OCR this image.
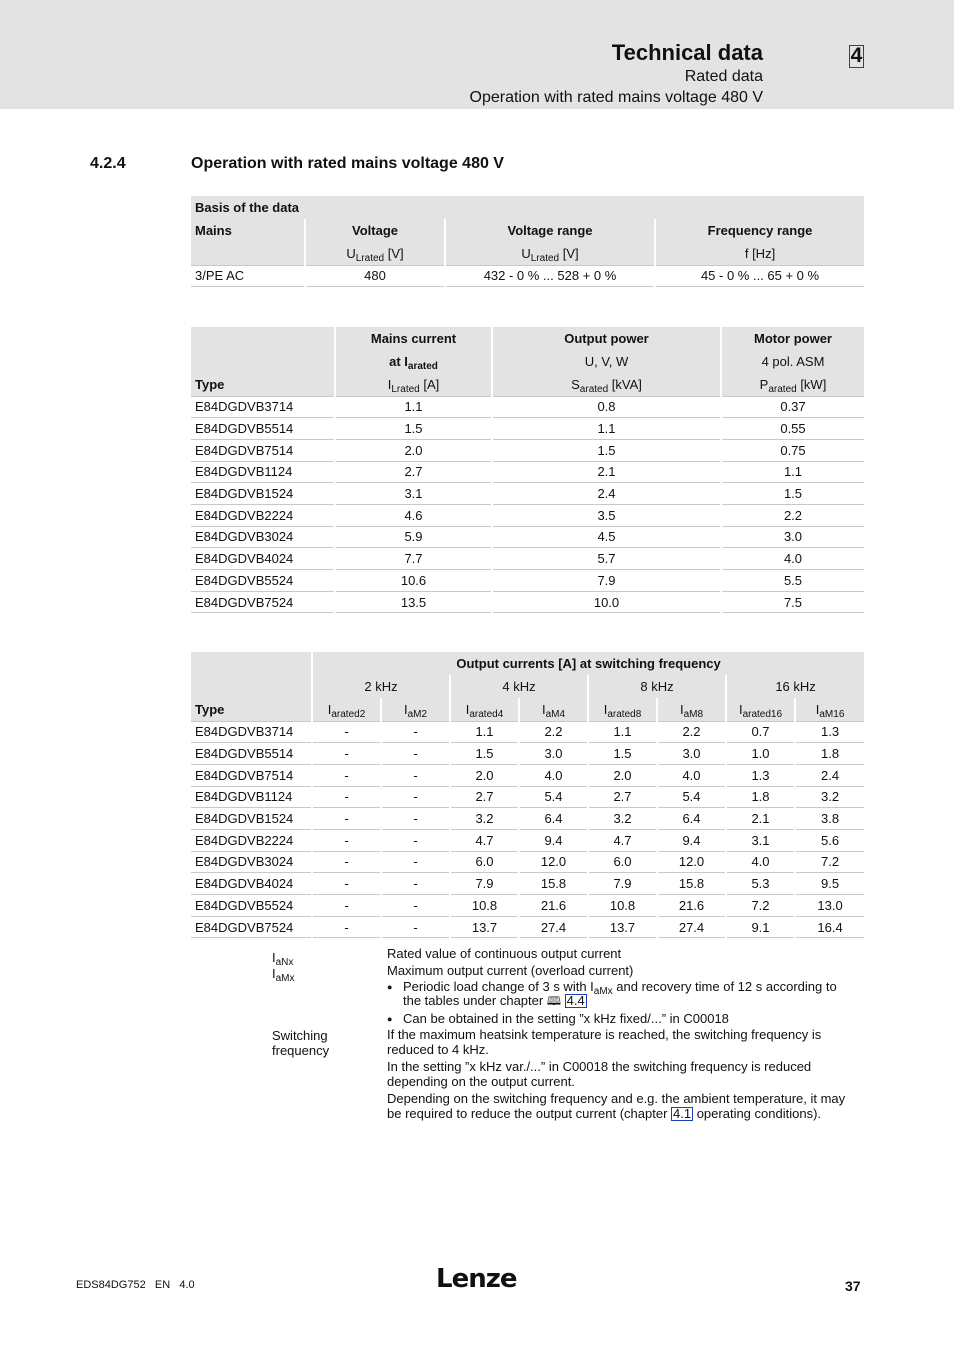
Technical data
Rated data
Operation with rated mains voltage 480 V
4
4.2.4	Operation with rated mains voltage 480 V
Basis of the data			
Mains	Voltage	Voltage range	Frequency range
	$U_{Lrated}$ [V]	$U_{Lrated}$ [V]	f [Hz]
3/PE AC	480	432 - 0 % ... 528 + 0 %	45 - 0 % ... 65 + 0 %
	Mains current	Output power	Motor power
	at $I_{arated}$	U, V, W	4 pol. ASM
Type	$I_{Lrated}$ [A]	$S_{arated}$ [kVA]	$P_{arated}$ [kW]
E84DGDVB3714	1.1	0.8	0.37
E84DGDVB5514	1.5	1.1	0.55
E84DGDVB7514	2.0	1.5	0.75
E84DGDVB1124	2.7	2.1	1.1
E84DGDVB1524	3.1	2.4	1.5
E84DGDVB2224	4.6	3.5	2.2
E84DGDVB3024	5.9	4.5	3.0
E84DGDVB4024	7.7	5.7	4.0
E84DGDVB5524	10.6	7.9	5.5
E84DGDVB7524	13.5	10.0	7.5
	Output currents [A] at switching frequency							
	2 kHz		4 kHz		8 kHz		16 kHz	
Type	$I_{arated2}$	$I_{aM2}$	$I_{arated4}$	$I_{aM4}$	$I_{arated8}$	$I_{aM8}$	$I_{arated16}$	$I_{aM16}$
E84DGDVB3714	-	-	1.1	2.2	1.1	2.2	0.7	1.3
E84DGDVB5514	-	-	1.5	3.0	1.5	3.0	1.0	1.8
E84DGDVB7514	-	-	2.0	4.0	2.0	4.0	1.3	2.4
E84DGDVB1124	-	-	2.7	5.4	2.7	5.4	1.8	3.2
E84DGDVB1524	-	-	3.2	6.4	3.2	6.4	2.1	3.8
E84DGDVB2224	-	-	4.7	9.4	4.7	9.4	3.1	5.6
E84DGDVB3024	-	-	6.0	12.0	6.0	12.0	4.0	7.2
E84DGDVB4024	-	-	7.9	15.8	7.9	15.8	5.3	9.5
E84DGDVB5524	-	-	10.8	21.6	10.8	21.6	7.2	13.0
E84DGDVB7524	-	-	13.7	27.4	13.7	27.4	9.1	16.4
$I_{aNx}$
Rated value of continuous output current
$I_{aMx}$
Maximum output current (overload current)
● Periodic load change of 3 s with $I_{aMx}$ and recovery time of 12 s according to the tables under chapter 🕮 4.4
● Can be obtained in the setting ”x kHz fixed/...” in C00018
Switching frequency
If the maximum heatsink temperature is reached, the switching frequency is reduced to 4 kHz.
In the setting ”x kHz var./...” in C00018 the switching frequency is reduced depending on the output current.
Depending on the switching frequency and e.g. the ambient temperature, it may be required to reduce the output current (chapter 4.1 operating conditions).
EDS84DG752   EN   4.0	Lenze	37
